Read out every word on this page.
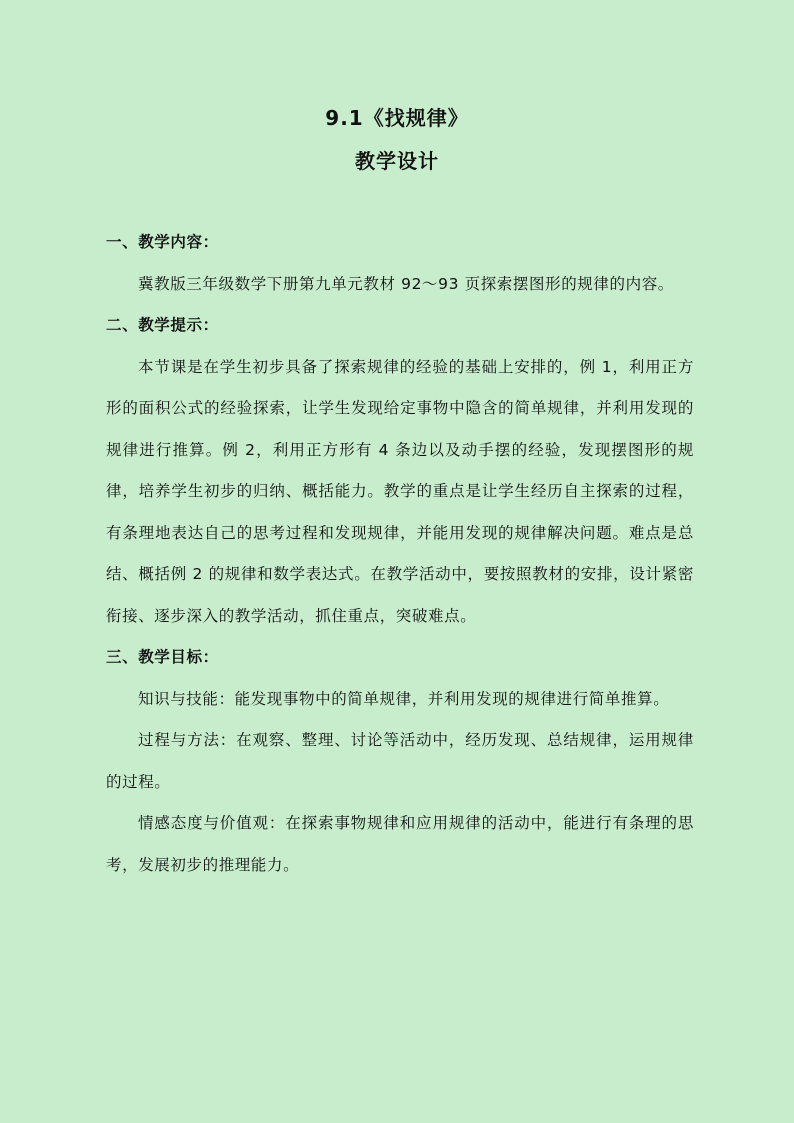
9.1《找规律》
教学设计
一、教学内容：

冀教版三年级数学下册第九单元教材 92～93 页探索摆图形的规律的内容。

二、教学提示：

本节课是在学生初步具备了探索规律的经验的基础上安排的，例 1，利用正方形的面积公式的经验探索，让学生发现给定事物中隐含的简单规律，并利用发现的规律进行推算。例 2，利用正方形有 4 条边以及动手摆的经验，发现摆图形的规律，培养学生初步的归纳、概括能力。教学的重点是让学生经历自主探索的过程，有条理地表达自己的思考过程和发现规律，并能用发现的规律解决问题。难点是总结、概括例 2 的规律和数学表达式。在教学活动中，要按照教材的安排，设计紧密衔接、逐步深入的教学活动，抓住重点，突破难点。

三、教学目标：

知识与技能：能发现事物中的简单规律，并利用发现的规律进行简单推算。

过程与方法：在观察、整理、讨论等活动中，经历发现、总结规律，运用规律的过程。

情感态度与价值观：在探索事物规律和应用规律的活动中，能进行有条理的思考，发展初步的推理能力。
